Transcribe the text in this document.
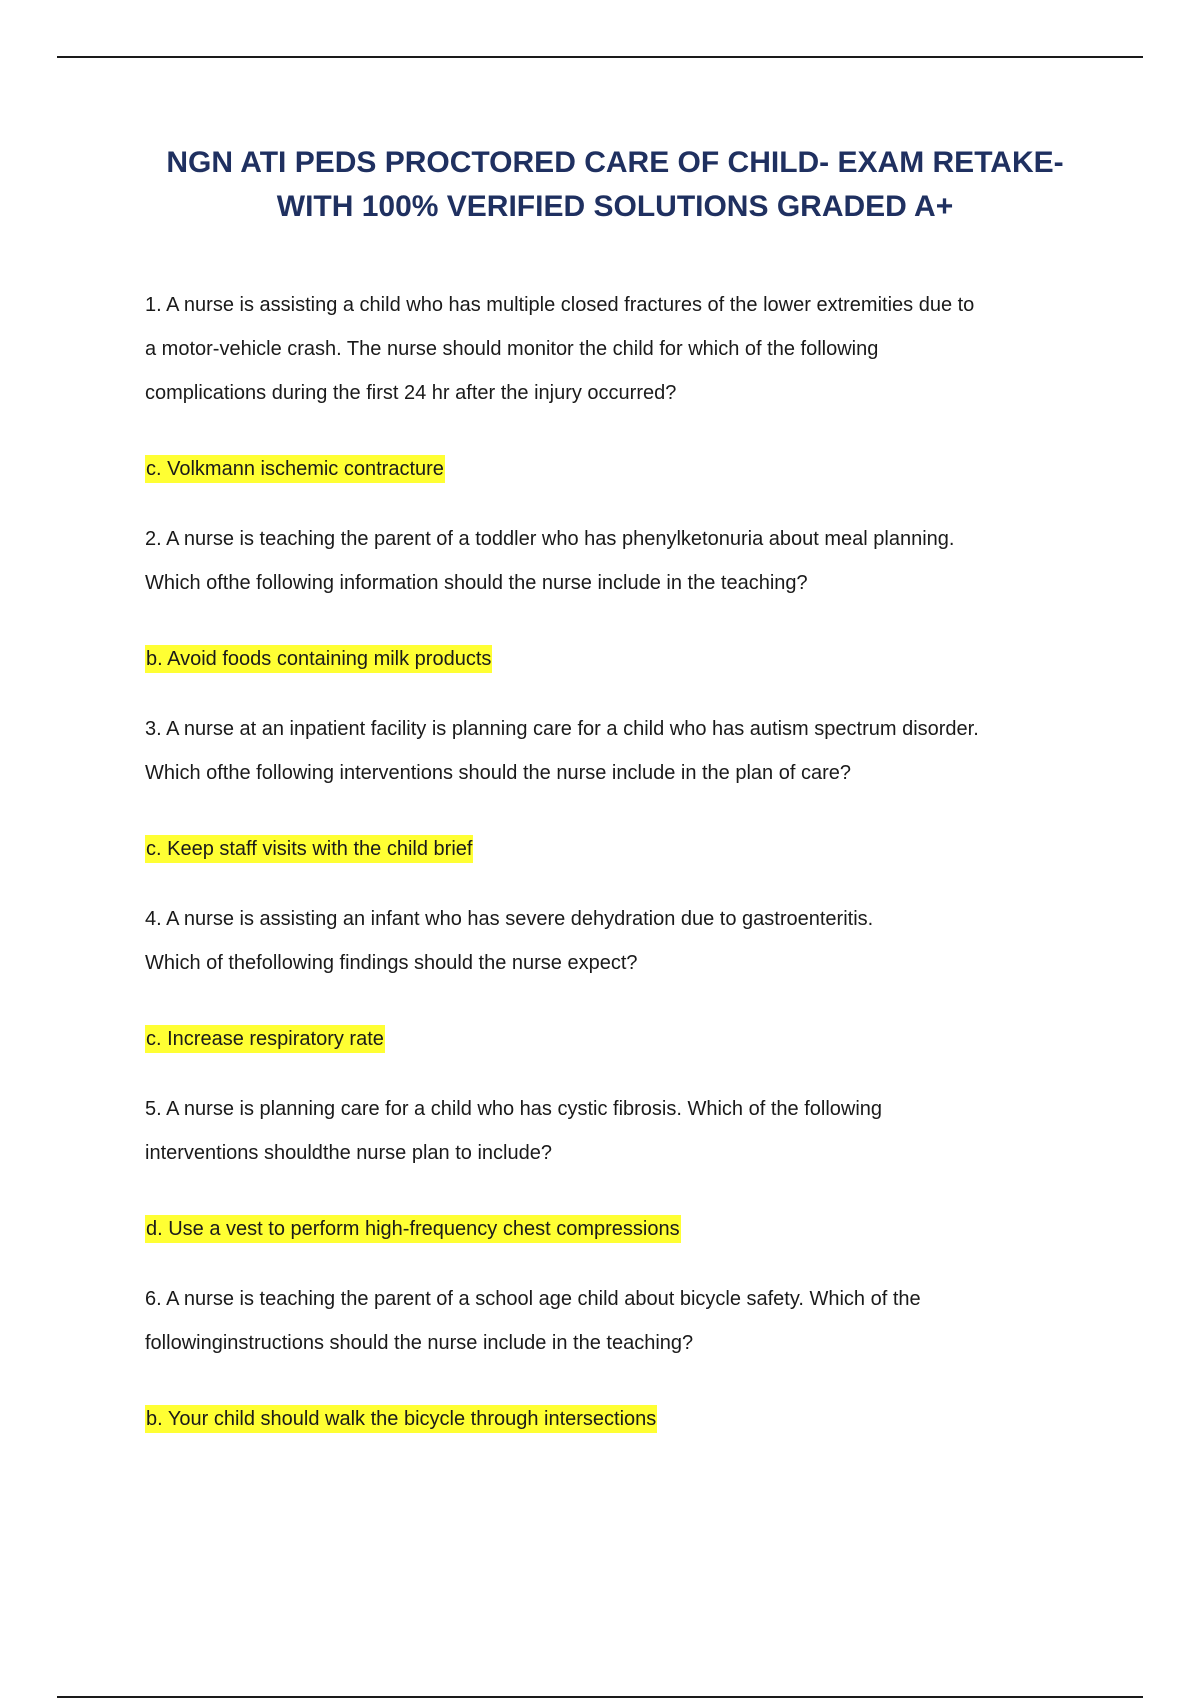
NGN ATI PEDS PROCTORED CARE OF CHILD- EXAM RETAKE-
WITH 100% VERIFIED SOLUTIONS GRADED A+
1. A nurse is assisting a child who has multiple closed fractures of the lower extremities due to
a motor-vehicle crash. The nurse should monitor the child for which of the following
complications during the first 24 hr after the injury occurred?
c. Volkmann ischemic contracture
2. A nurse is teaching the parent of a toddler who has phenylketonuria about meal planning.
Which ofthe following information should the nurse include in the teaching?
b. Avoid foods containing milk products
3. A nurse at an inpatient facility is planning care for a child who has autism spectrum disorder.
Which ofthe following interventions should the nurse include in the plan of care?
c. Keep staff visits with the child brief
4. A nurse is assisting an infant who has severe dehydration due to gastroenteritis.
Which of thefollowing findings should the nurse expect?
c. Increase respiratory rate
5. A nurse is planning care for a child who has cystic fibrosis. Which of the following
interventions shouldthe nurse plan to include?
d. Use a vest to perform high-frequency chest compressions
6. A nurse is teaching the parent of a school age child about bicycle safety. Which of the
followinginstructions should the nurse include in the teaching?
b. Your child should walk the bicycle through intersections
